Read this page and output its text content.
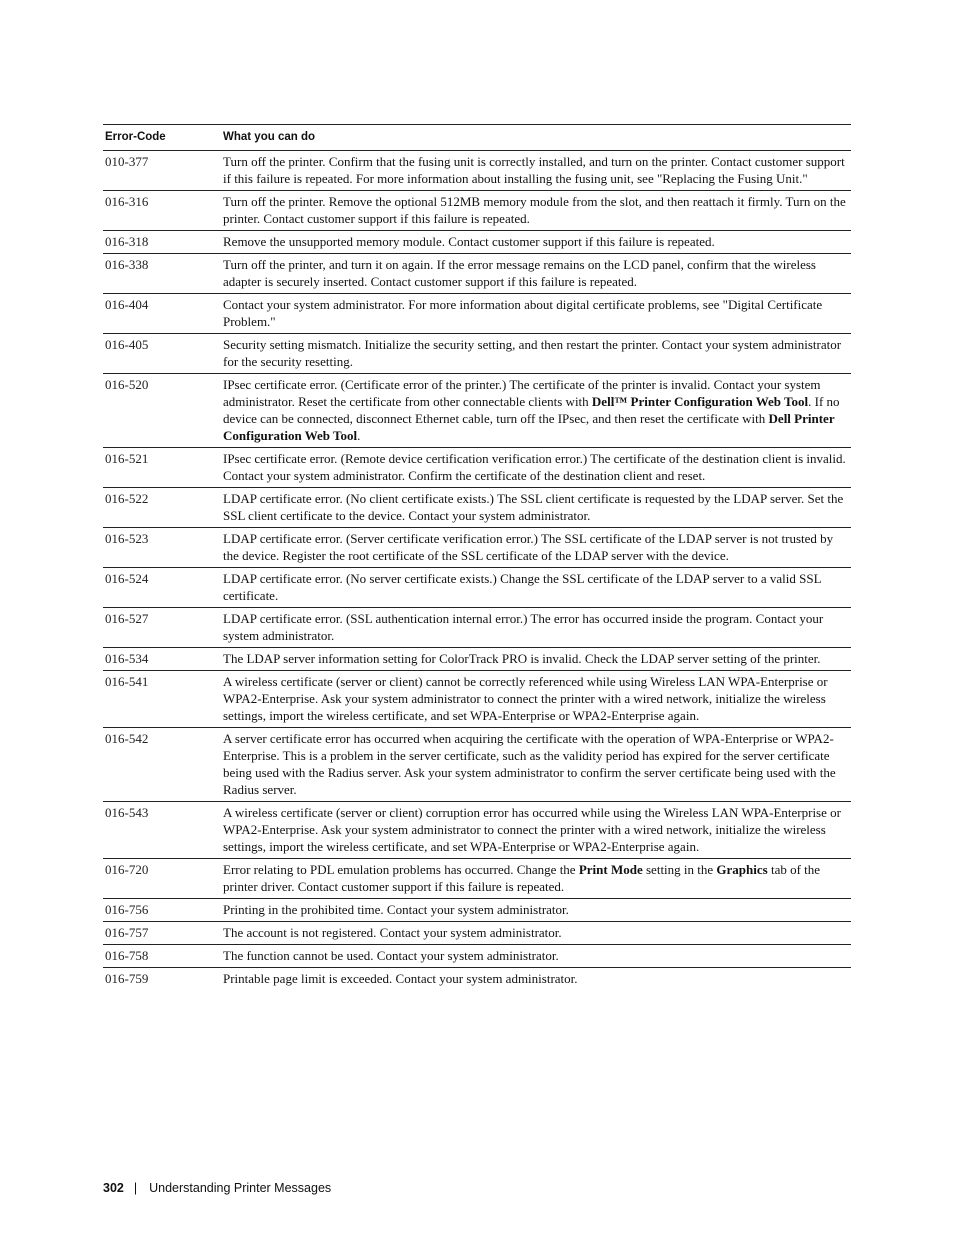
Error-Code	What you can do
010-377	Turn off the printer. Confirm that the fusing unit is correctly installed, and turn on the printer. Contact customer support if this failure is repeated. For more information about installing the fusing unit, see "Replacing the Fusing Unit."
016-316	Turn off the printer. Remove the optional 512MB memory module from the slot, and then reattach it firmly. Turn on the printer. Contact customer support if this failure is repeated.
016-318	Remove the unsupported memory module. Contact customer support if this failure is repeated.
016-338	Turn off the printer, and turn it on again. If the error message remains on the LCD panel, confirm that the wireless adapter is securely inserted. Contact customer support if this failure is repeated.
016-404	Contact your system administrator. For more information about digital certificate problems, see "Digital Certificate Problem."
016-405	Security setting mismatch. Initialize the security setting, and then restart the printer. Contact your system administrator for the security resetting.
016-520	IPsec certificate error. (Certificate error of the printer.) The certificate of the printer is invalid. Contact your system administrator. Reset the certificate from other connectable clients with Dell™ Printer Configuration Web Tool. If no device can be connected, disconnect Ethernet cable, turn off the IPsec, and then reset the certificate with Dell Printer Configuration Web Tool.
016-521	IPsec certificate error. (Remote device certification verification error.) The certificate of the destination client is invalid. Contact your system administrator. Confirm the certificate of the destination client and reset.
016-522	LDAP certificate error. (No client certificate exists.) The SSL client certificate is requested by the LDAP server. Set the SSL client certificate to the device. Contact your system administrator.
016-523	LDAP certificate error. (Server certificate verification error.) The SSL certificate of the LDAP server is not trusted by the device. Register the root certificate of the SSL certificate of the LDAP server with the device.
016-524	LDAP certificate error. (No server certificate exists.) Change the SSL certificate of the LDAP server to a valid SSL certificate.
016-527	LDAP certificate error. (SSL authentication internal error.) The error has occurred inside the program. Contact your system administrator.
016-534	The LDAP server information setting for ColorTrack PRO is invalid. Check the LDAP server setting of the printer.
016-541	A wireless certificate (server or client) cannot be correctly referenced while using Wireless LAN WPA-Enterprise or WPA2-Enterprise. Ask your system administrator to connect the printer with a wired network, initialize the wireless settings, import the wireless certificate, and set WPA-Enterprise or WPA2-Enterprise again.
016-542	A server certificate error has occurred when acquiring the certificate with the operation of WPA-Enterprise or WPA2-Enterprise. This is a problem in the server certificate, such as the validity period has expired for the server certificate being used with the Radius server. Ask your system administrator to confirm the server certificate being used with the Radius server.
016-543	A wireless certificate (server or client) corruption error has occurred while using the Wireless LAN WPA-Enterprise or WPA2-Enterprise. Ask your system administrator to connect the printer with a wired network, initialize the wireless settings, import the wireless certificate, and set WPA-Enterprise or WPA2-Enterprise again.
016-720	Error relating to PDL emulation problems has occurred. Change the Print Mode setting in the Graphics tab of the printer driver. Contact customer support if this failure is repeated.
016-756	Printing in the prohibited time. Contact your system administrator.
016-757	The account is not registered. Contact your system administrator.
016-758	The function cannot be used. Contact your system administrator.
016-759	Printable page limit is exceeded. Contact your system administrator.
302 | Understanding Printer Messages
